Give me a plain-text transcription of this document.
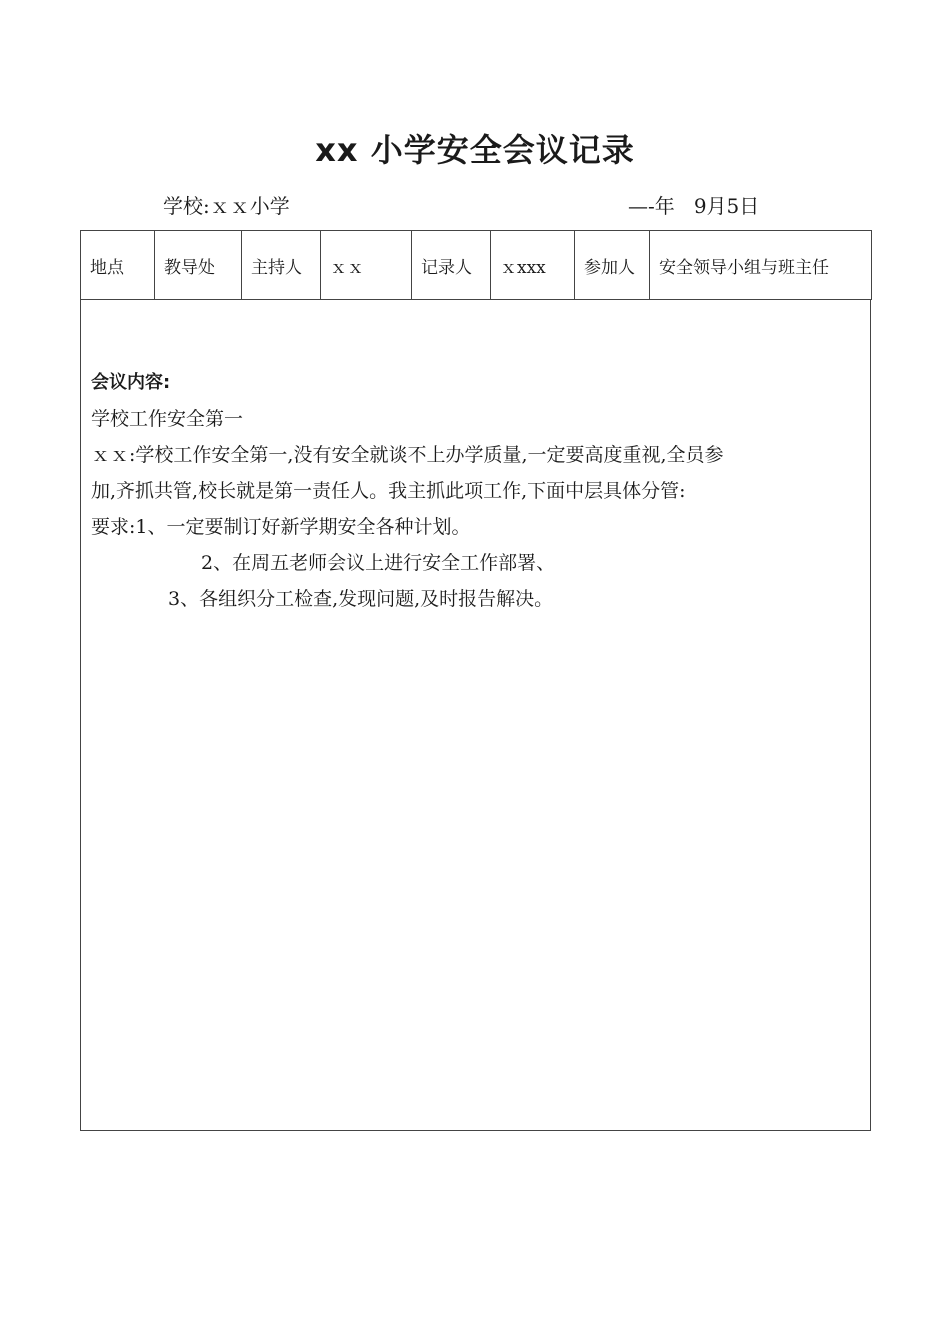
xx 小学安全会议记录
学校:ｘｘ小学	—-年   9月5日
地点	教导处	主持人	ｘｘ	记录人	ｘxxx	参加人	安全领导小组与班主任
会议内容:
学校工作安全第一
ｘｘ:学校工作安全第一,没有安全就谈不上办学质量,一定要高度重视,全员参
加,齐抓共管,校长就是第一责任人。我主抓此项工作,下面中层具体分管:
要求:1、一定要制订好新学期安全各种计划。
2、在周五老师会议上进行安全工作部署、
3、各组织分工检查,发现问题,及时报告解决。
